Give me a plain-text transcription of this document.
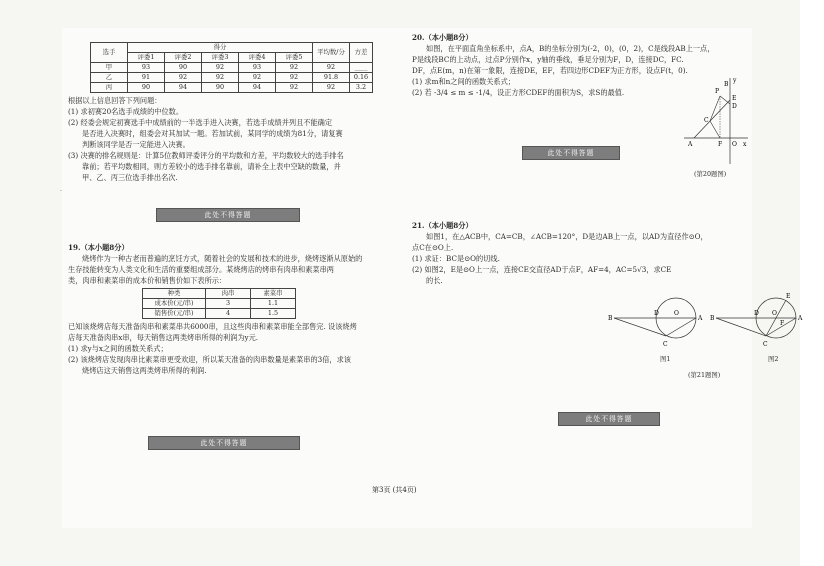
选手	得分					平均数/分	方差
	评委1	评委2	评委3	评委4	评委5		
甲	93	90	92	93	92	92	____
乙	91	92	92	92	92	91.8	0.16
丙	90	94	90	94	92	92	3.2

根据以上信息回答下列问题：

(1) 求初赛20名选手成绩的中位数。

(2) 经委会规定初赛选手中成绩前的一半选手进入决赛，若选手成绩并列且不能确定

是否进入决赛时，组委会对其加试一题。若加试前，某同学的成绩为81分，请复赛

判断该同学是否一定能进入决赛。

(3) 决赛的排名规则是：计算5位教师评委评分的平均数和方差，平均数较大的选手排名

靠前；若平均数相同，则方差较小的选手排名靠前，请补全上表中空缺的数量，并

甲、乙、丙三位选手排出名次.

此处不得答题

19.（本小题8分）

烧烤作为一种古老而普遍的烹饪方式，随着社会的发展和技术的进步，烧烤逐渐从原始的

生存技能转变为人类文化和生活的重要组成部分。某烧烤店的烤串有肉串和素菜串两

类，肉串和素菜串的成本价和销售价如下表所示：

种类	肉串	素菜串
成本价(元/串)	3	1.1
销售价(元/串)	4	1.5

已知该烧烤店每天准备肉串和素菜串共6000串，且这些肉串和素菜串能全部售完. 设该烧烤

店每天准备肉串x串，每天销售这两类烤串所得的利润为y元.

(1) 求y与x之间的函数关系式；

(2) 该烧烤店发现肉串比素菜串更受欢迎，所以某天准备的肉串数量是素菜串的3倍，求该

烧烤店这天销售这两类烤串所得的利润.

此处不得答题

20.（本小题8分）

如图，在平面直角坐标系中，点A，B的坐标分别为(-2，0)，(0，2)，C是线段AB上一点，

P是线段BC的上动点，过点P分别作x，y轴的垂线，垂足分别为F，D，连接DC，FC.

DF，点E(m，n)在第一象限，连接DE，EF，若四边形CDEF为正方形，设点F(t，0).

(1) 求m和n之间的函数关系式；

(2) 若 -3/4 ≤ m ≤ -1/4，设正方形CDEF的面积为S，求S的最值.

B
E
P
D
A
C
F O x
y

(第20题图)

此处不得答题

21.（本小题8分）

如图1，在△ACB中，CA=CB，∠ACB=120°，D是边AB上一点，以AD为直径作⊙O，

点C在⊙O上.

(1) 求证：BC是⊙O的切线.

(2) 如图2，E是⊙O上一点，连接CE交直径AD于点F，AF=4，AC=5√3，求CE

的长.

B
D	O
A
C
B
D O
F
A
C
E

图2

图1

(第21题图)

此处不得答题
·
第3页 (共4页)
